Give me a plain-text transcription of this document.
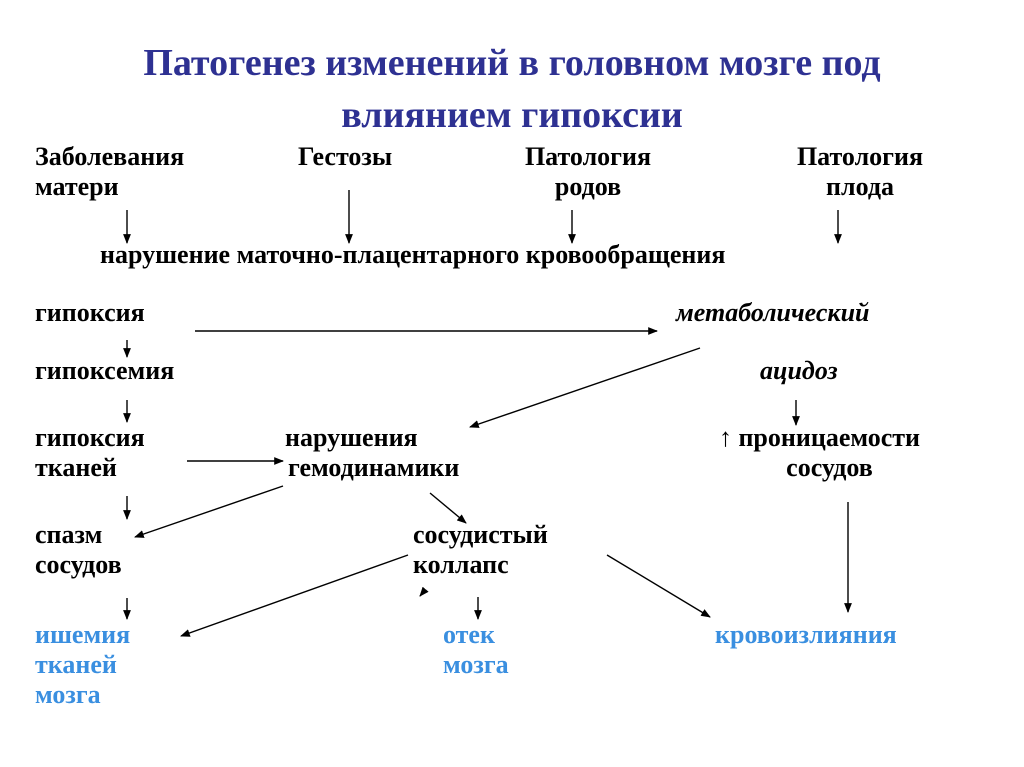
Патогенез изменений в головном мозге под
влиянием гипоксии
Заболевания
матери
Гестозы	Патология
родов
Патология
плода
нарушение маточно-плацентарного кровообращения
гипоксия	метаболический
гипоксемия	ацидоз
гипоксия
тканей
нарушения
гемодинамики
↑ проницаемости
сосудов
спазм
сосудов
сосудистый
коллапс
ишемия
тканей
мозга
отек
мозга
кровоизлияния
